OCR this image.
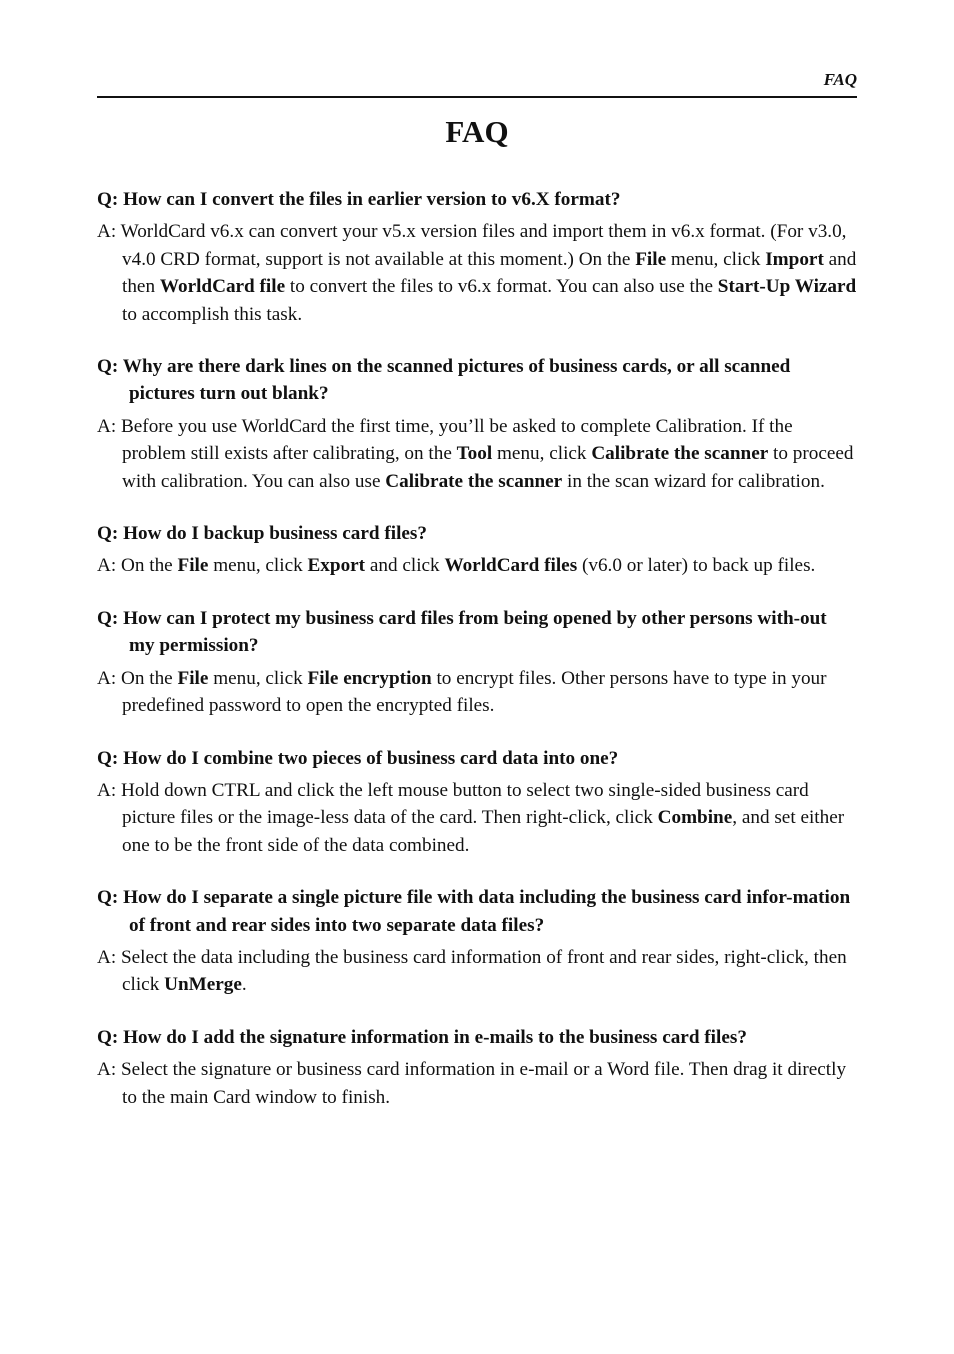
FAQ
FAQ

Q: How can I convert the files in earlier version to v6.X format?

A: WorldCard v6.x can convert your v5.x version files and import them in v6.x format. (For v3.0, v4.0 CRD format, support is not available at this moment.) On the File menu, click Import and then WorldCard file to convert the files to v6.x format. You can also use the Start-Up Wizard to accomplish this task.

Q: Why are there dark lines on the scanned pictures of business cards, or all scanned pictures turn out blank?

A: Before you use WorldCard the first time, you’ll be asked to complete Calibration. If the problem still exists after calibrating, on the Tool menu, click Calibrate the scanner to proceed with calibration. You can also use Calibrate the scanner in the scan wizard for calibration.

Q: How do I backup business card files?

A: On the File menu, click Export and click WorldCard files (v6.0 or later) to back up files.

Q: How can I protect my business card files from being opened by other persons with-out my permission?

A: On the File menu, click File encryption to encrypt files. Other persons have to type in your predefined password to open the encrypted files.

Q: How do I combine two pieces of business card data into one?

A: Hold down CTRL and click the left mouse button to select two single-sided business card picture files or the image-less data of the card. Then right-click, click Combine, and set either one to be the front side of the data combined.

Q: How do I separate a single picture file with data including the business card infor-mation of front and rear sides into two separate data files?

A: Select the data including the business card information of front and rear sides, right-click, then click UnMerge.

Q: How do I add the signature information in e-mails to the business card files?

A: Select the signature or business card information in e-mail or a Word file. Then drag it directly to the main Card window to finish.
